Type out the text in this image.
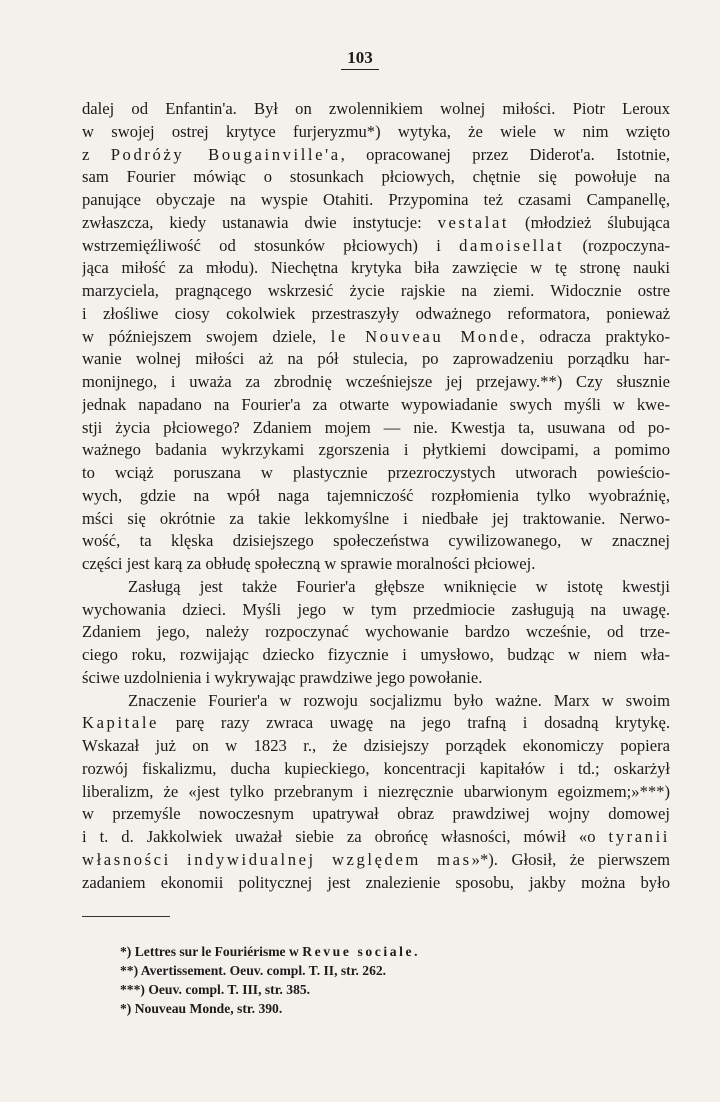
103
dalej od Enfantin'a. Był on zwolennikiem wolnej miłości. Piotr Leroux
w swojej ostrej krytyce furjeryzmu*) wytyka, że wiele w nim wzięto
z Podróży Bougainville'a, opracowanej przez Diderot'a. Istotnie,
sam Fourier mówiąc o stosunkach płciowych, chętnie się powołuje na
panujące obyczaje na wyspie Otahiti. Przypomina też czasami Campanellę,
zwłaszcza, kiedy ustanawia dwie instytucje: vestalat (młodzież ślubująca
wstrzemięźliwość od stosunków płciowych) i damoisellat (rozpoczyna-
jąca miłość za młodu). Niechętna krytyka biła zawzięcie w tę stronę nauki
marzyciela, pragnącego wskrzesić życie rajskie na ziemi. Widocznie ostre
i złośliwe ciosy cokolwiek przestraszyły odważnego reformatora, ponieważ
w późniejszem swojem dziele, le Nouveau Monde, odracza praktyko-
wanie wolnej miłości aż na pół stulecia, po zaprowadzeniu porządku har-
monijnego, i uważa za zbrodnię wcześniejsze jej przejawy.**) Czy słusznie
jednak napadano na Fourier'a za otwarte wypowiadanie swych myśli w kwe-
stji życia płciowego? Zdaniem mojem — nie. Kwestja ta, usuwana od po-
ważnego badania wykrzykami zgorszenia i płytkiemi dowcipami, a pomimo
to wciąż poruszana w plastycznie przezroczystych utworach powieścio-
wych, gdzie na wpół naga tajemniczość rozpłomienia tylko wyobraźnię,
mści się okrótnie za takie lekkomyślne i niedbałe jej traktowanie. Nerwo-
wość, ta klęska dzisiejszego społeczeństwa cywilizowanego, w znacznej
części jest karą za obłudę społeczną w sprawie moralności płciowej.
Zasługą jest także Fourier'a głębsze wniknięcie w istotę kwestji
wychowania dzieci. Myśli jego w tym przedmiocie zasługują na uwagę.
Zdaniem jego, należy rozpoczynać wychowanie bardzo wcześnie, od trze-
ciego roku, rozwijając dziecko fizycznie i umysłowo, budząc w niem wła-
ściwe uzdolnienia i wykrywając prawdziwe jego powołanie.
Znaczenie Fourier'a w rozwoju socjalizmu było ważne. Marx w swoim
Kapitale parę razy zwraca uwagę na jego trafną i dosadną krytykę.
Wskazał już on w 1823 r., że dzisiejszy porządek ekonomiczy popiera
rozwój fiskalizmu, ducha kupieckiego, koncentracji kapitałów i td.; oskarżył
liberalizm, że «jest tylko przebranym i niezręcznie ubarwionym egoizmem;»***)
w przemyśle nowoczesnym upatrywał obraz prawdziwej wojny domowej
i t. d. Jakkolwiek uważał siebie za obrońcę własności, mówił «o tyranii
własności indywidualnej względem mas»*). Głosił, że pierwszem
zadaniem ekonomii politycznej jest znalezienie sposobu, jakby można było
*) Lettres sur le Fouriérisme w Revue sociale.
**) Avertissement. Oeuv. compl. T. II, str. 262.
***) Oeuv. compl. T. III, str. 385.
*) Nouveau Monde, str. 390.
